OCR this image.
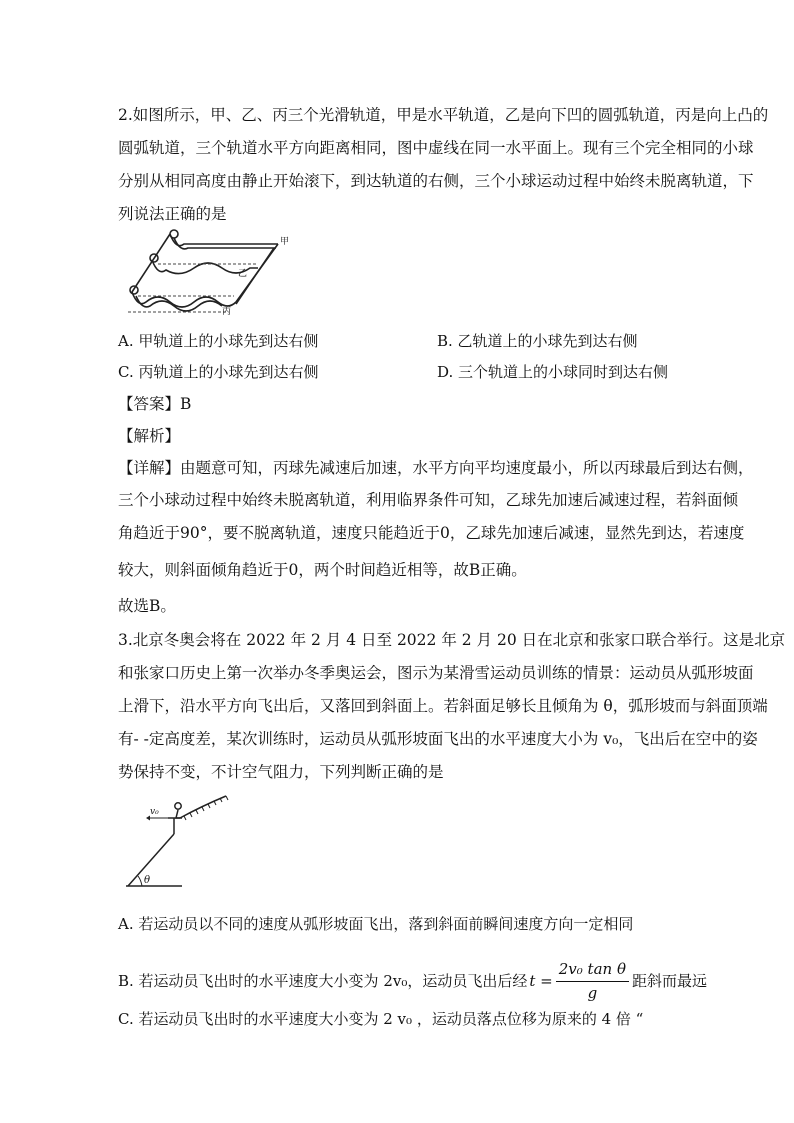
2.如图所示，甲、乙、丙三个光滑轨道，甲是水平轨道，乙是向下凹的圆弧轨道，丙是向上凸的
圆弧轨道，三个轨道水平方向距离相同，图中虚线在同一水平面上。现有三个完全相同的小球
分别从相同高度由静止开始滚下，到达轨道的右侧，三个小球运动过程中始终未脱离轨道，下
列说法正确的是
甲
乙
丙
A. 甲轨道上的小球先到达右侧	B. 乙轨道上的小球先到达右侧
C. 丙轨道上的小球先到达右侧	D. 三个轨道上的小球同时到达右侧
【答案】B
【解析】
【详解】由题意可知，丙球先减速后加速，水平方向平均速度最小，所以丙球最后到达右侧，
三个小球动过程中始终未脱离轨道，利用临界条件可知，乙球先加速后减速过程，若斜面倾
角趋近于90°，要不脱离轨道，速度只能趋近于0，乙球先加速后减速，显然先到达，若速度
较大，则斜面倾角趋近于0，两个时间趋近相等，故B正确。
故选B。
3.北京冬奥会将在 2022 年 2 月 4 日至 2022 年 2 月 20 日在北京和张家口联合举行。这是北京
和张家口历史上第一次举办冬季奥运会，图示为某滑雪运动员训练的情景：运动员从弧形坡面
上滑下，沿水平方向飞出后，又落回到斜面上。若斜面足够长且倾角为 θ，弧形坡而与斜面顶端
有- -定高度差，某次训练时，运动员从弧形坡面飞出的水平速度大小为 v₀，飞出后在空中的姿
势保持不变，不计空气阻力，下列判断正确的是
v₀
θ
A. 若运动员以不同的速度从弧形坡面飞出，落到斜面前瞬间速度方向一定相同
B. 若运动员飞出时的水平速度大小变为 2v₀，运动员飞出后经 $t = \frac{\text{2v₀ tan θ}}{g}$ 距斜而最远
C. 若运动员飞出时的水平速度大小变为 2 v₀ ，运动员落点位移为原来的 4 倍 “
